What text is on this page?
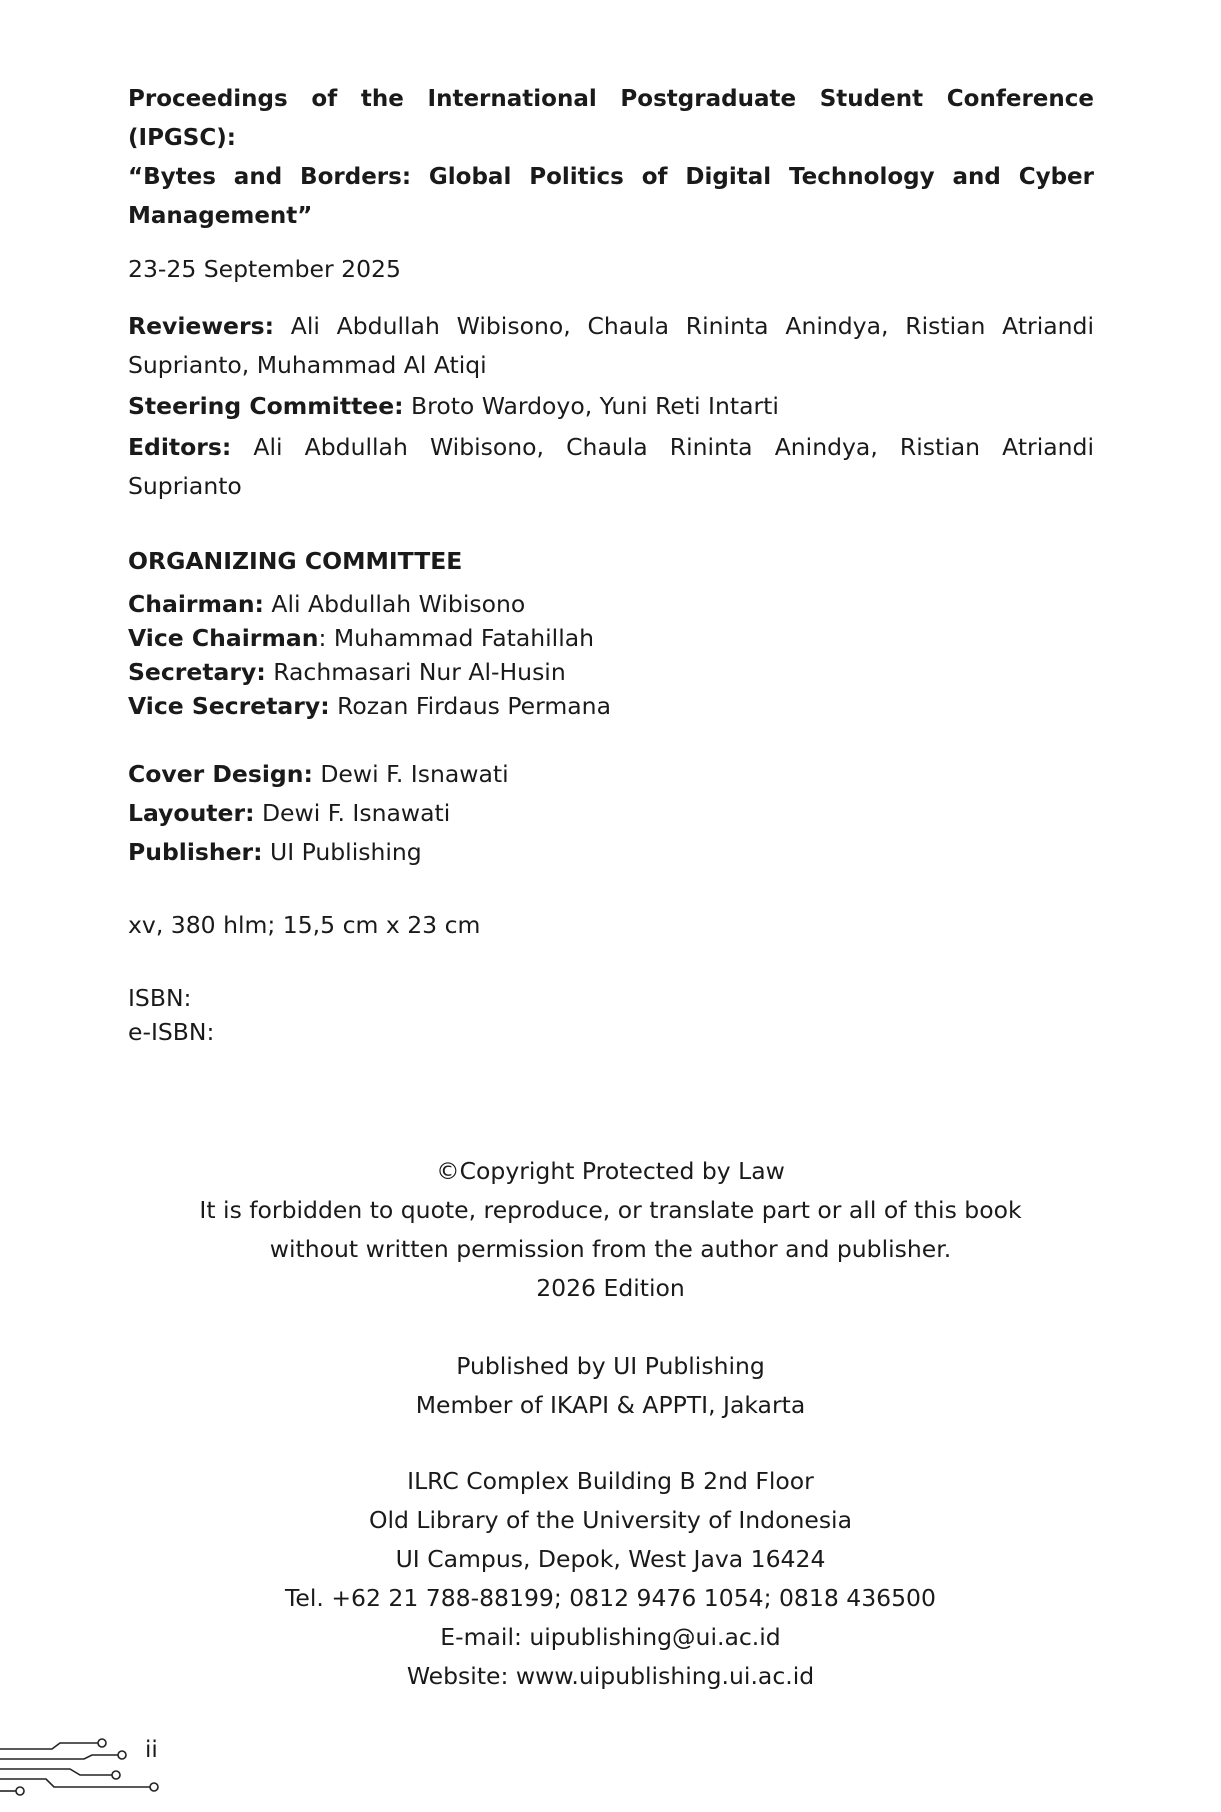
Proceedings of the International Postgraduate Student Conference (IPGSC):
“Bytes and Borders: Global Politics of Digital Technology and Cyber Management”

23-25 September 2025

Reviewers: Ali Abdullah Wibisono, Chaula Rininta Anindya, Ristian Atriandi Suprianto, Muhammad Al Atiqi

Steering Committee: Broto Wardoyo, Yuni Reti Intarti

Editors: Ali Abdullah Wibisono, Chaula Rininta Anindya, Ristian Atriandi Suprianto

ORGANIZING COMMITTEE

Chairman: Ali Abdullah Wibisono

Vice Chairman: Muhammad Fatahillah

Secretary: Rachmasari Nur Al-Husin

Vice Secretary: Rozan Firdaus Permana

Cover Design: Dewi F. Isnawati

Layouter: Dewi F. Isnawati

Publisher: UI Publishing

xv, 380 hlm; 15,5 cm x 23 cm

ISBN:

e-ISBN:

©Copyright Protected by Law
It is forbidden to quote, reproduce, or translate part or all of this book
without written permission from the author and publisher.
2026 Edition
Published by UI Publishing
Member of IKAPI & APPTI, Jakarta
ILRC Complex Building B 2nd Floor
Old Library of the University of Indonesia
UI Campus, Depok, West Java 16424
Tel. +62 21 788-88199; 0812 9476 1054; 0818 436500
E-mail: uipublishing@ui.ac.id
Website: www.uipublishing.ui.ac.id
ii
